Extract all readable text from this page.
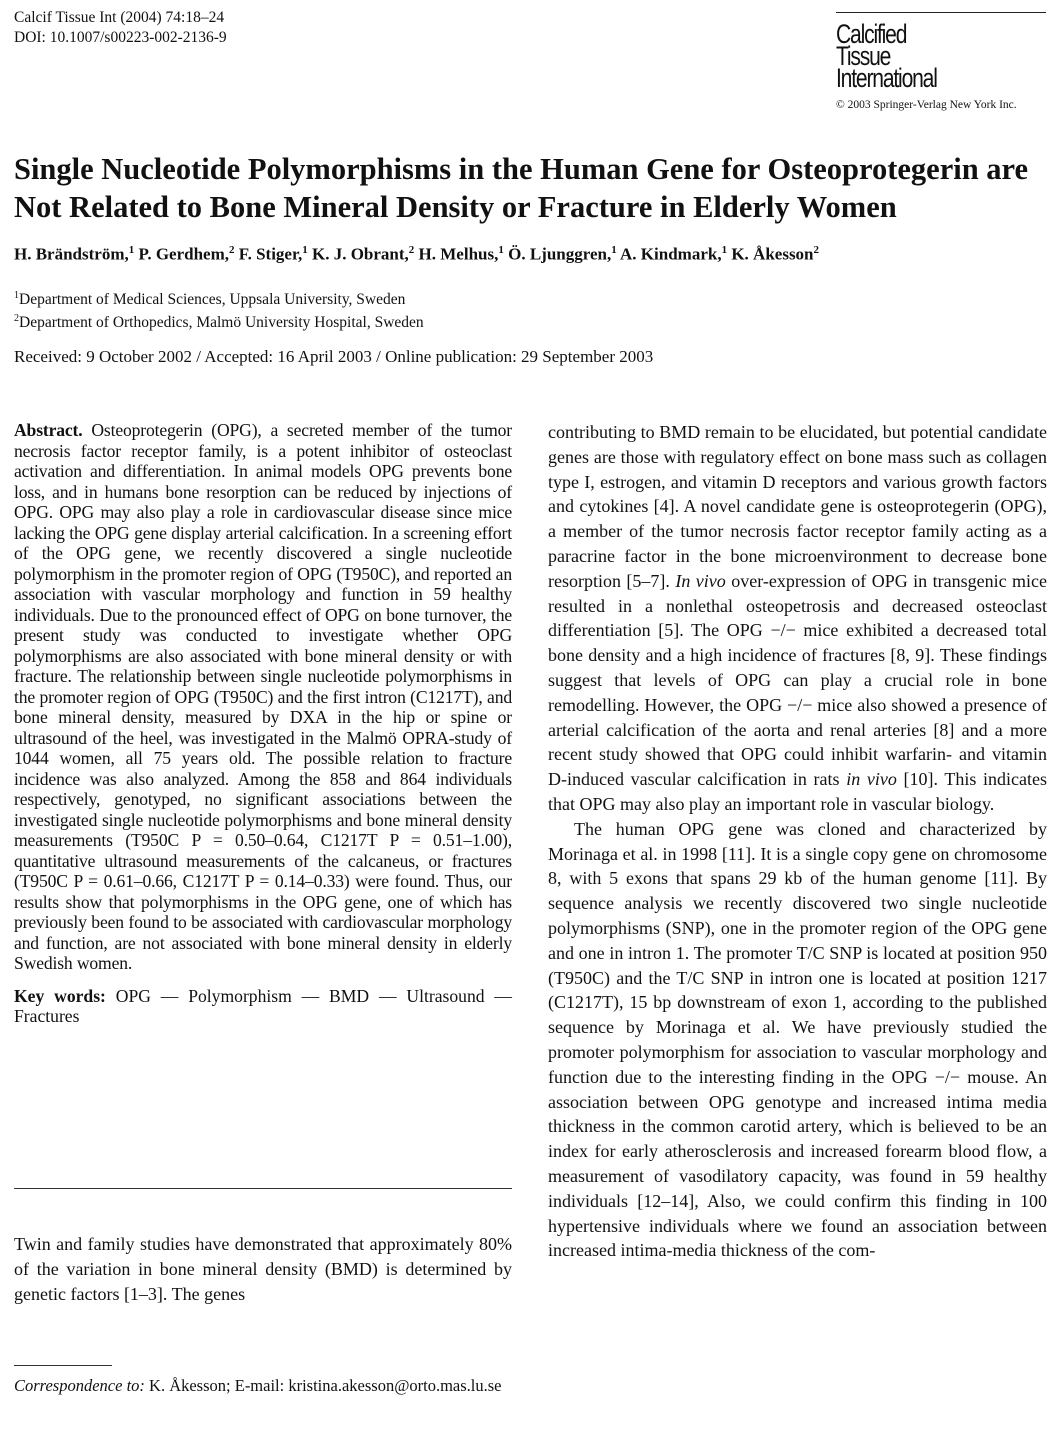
Calcif Tissue Int (2004) 74:18–24
DOI: 10.1007/s00223-002-2136-9	Calcified
Tissue
International
© 2003 Springer-Verlag New York Inc.
Single Nucleotide Polymorphisms in the Human Gene for Osteoprotegerin are Not Related to Bone Mineral Density or Fracture in Elderly Women
H. Brändström,$^1$ P. Gerdhem,$^2$ F. Stiger,$^1$ K. J. Obrant,$^2$ H. Melhus,$^1$ Ö. Ljunggren,$^1$ A. Kindmark,$^1$ K. Åkesson$^2$
$^1$Department of Medical Sciences, Uppsala University, Sweden
$^2$Department of Orthopedics, Malmö University Hospital, Sweden
Received: 9 October 2002 / Accepted: 16 April 2003 / Online publication: 29 September 2003

Abstract. Osteoprotegerin (OPG), a secreted member of the tumor necrosis factor receptor family, is a potent inhibitor of osteoclast activation and differentiation. In animal models OPG prevents bone loss, and in humans bone resorption can be reduced by injections of OPG. OPG may also play a role in cardiovascular disease since mice lacking the OPG gene display arterial calcification. In a screening effort of the OPG gene, we recently discovered a single nucleotide polymorphism in the promoter region of OPG (T950C), and reported an association with vascular morphology and function in 59 healthy individuals. Due to the pronounced effect of OPG on bone turnover, the present study was conducted to investigate whether OPG polymorphisms are also associated with bone mineral density or with fracture. The relationship between single nucleotide polymorphisms in the promoter region of OPG (T950C) and the first intron (C1217T), and bone mineral density, measured by DXA in the hip or spine or ultrasound of the heel, was investigated in the Malmö OPRA-study of 1044 women, all 75 years old. The possible relation to fracture incidence was also analyzed. Among the 858 and 864 individuals respectively, genotyped, no significant associations between the investigated single nucleotide polymorphisms and bone mineral density measurements (T950C P = 0.50–0.64, C1217T P = 0.51–1.00), quantitative ultrasound measurements of the calcaneus, or fractures (T950C P = 0.61–0.66, C1217T P = 0.14–0.33) were found. Thus, our results show that polymorphisms in the OPG gene, one of which has previously been found to be associated with cardiovascular morphology and function, are not associated with bone mineral density in elderly Swedish women.

Key words: OPG — Polymorphism — BMD — Ultrasound — Fractures

Twin and family studies have demonstrated that approximately 80% of the variation in bone mineral density (BMD) is determined by genetic factors [1–3]. The genes

Correspondence to: K. Åkesson; E-mail: kristina.akesson@orto.mas.lu.se

contributing to BMD remain to be elucidated, but potential candidate genes are those with regulatory effect on bone mass such as collagen type I, estrogen, and vitamin D receptors and various growth factors and cytokines [4]. A novel candidate gene is osteoprotegerin (OPG), a member of the tumor necrosis factor receptor family acting as a paracrine factor in the bone microenvironment to decrease bone resorption [5–7]. In vivo over-expression of OPG in transgenic mice resulted in a nonlethal osteopetrosis and decreased osteoclast differentiation [5]. The OPG −/− mice exhibited a decreased total bone density and a high incidence of fractures [8, 9]. These findings suggest that levels of OPG can play a crucial role in bone remodelling. However, the OPG −/− mice also showed a presence of arterial calcification of the aorta and renal arteries [8] and a more recent study showed that OPG could inhibit warfarin- and vitamin D-induced vascular calcification in rats in vivo [10]. This indicates that OPG may also play an important role in vascular biology.

The human OPG gene was cloned and characterized by Morinaga et al. in 1998 [11]. It is a single copy gene on chromosome 8, with 5 exons that spans 29 kb of the human genome [11]. By sequence analysis we recently discovered two single nucleotide polymorphisms (SNP), one in the promoter region of the OPG gene and one in intron 1. The promoter T/C SNP is located at position 950 (T950C) and the T/C SNP in intron one is located at position 1217 (C1217T), 15 bp downstream of exon 1, according to the published sequence by Morinaga et al. We have previously studied the promoter polymorphism for association to vascular morphology and function due to the interesting finding in the OPG −/− mouse. An association between OPG genotype and increased intima media thickness in the common carotid artery, which is believed to be an index for early atherosclerosis and increased forearm blood flow, a measurement of vasodilatory capacity, was found in 59 healthy individuals [12–14], Also, we could confirm this finding in 100 hypertensive individuals where we found an association between increased intima-media thickness of the com-
